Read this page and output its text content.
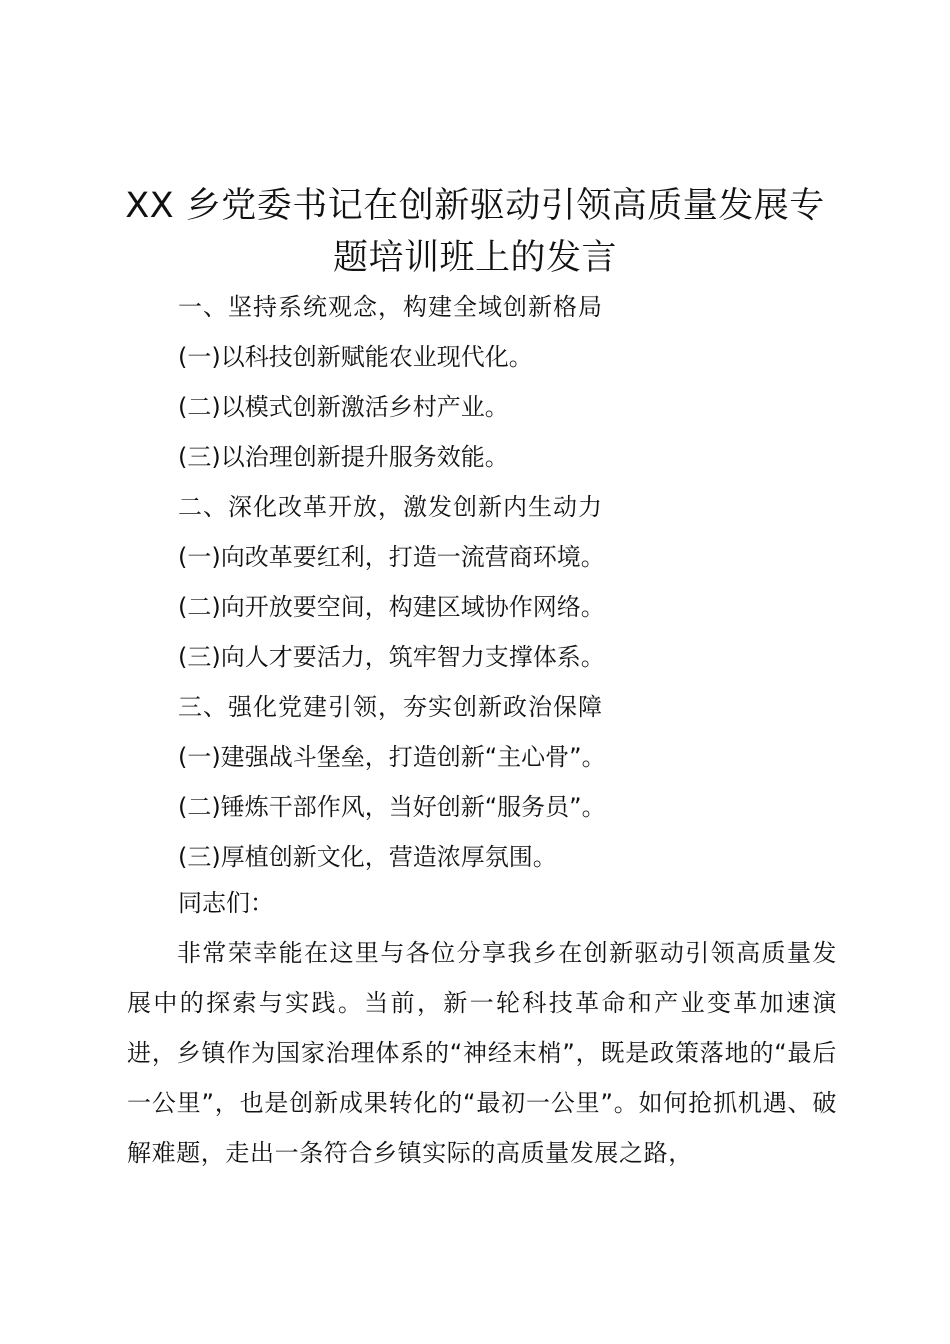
XX 乡党委书记在创新驱动引领高质量发展专
题培训班上的发言
一、坚持系统观念，构建全域创新格局
(一)以科技创新赋能农业现代化。
(二)以模式创新激活乡村产业。
(三)以治理创新提升服务效能。
二、深化改革开放，激发创新内生动力
(一)向改革要红利，打造一流营商环境。
(二)向开放要空间，构建区域协作网络。
(三)向人才要活力，筑牢智力支撑体系。
三、强化党建引领，夯实创新政治保障
(一)建强战斗堡垒，打造创新“主心骨”。
(二)锤炼干部作风，当好创新“服务员”。
(三)厚植创新文化，营造浓厚氛围。
同志们：

非常荣幸能在这里与各位分享我乡在创新驱动引领高质量发展中的探索与实践。当前，新一轮科技革命和产业变革加速演进，乡镇作为国家治理体系的“神经末梢”，既是政策落地的“最后一公里”，也是创新成果转化的“最初一公里”。如何抢抓机遇、破解难题，走出一条符合乡镇实际的高质量发展之路，
